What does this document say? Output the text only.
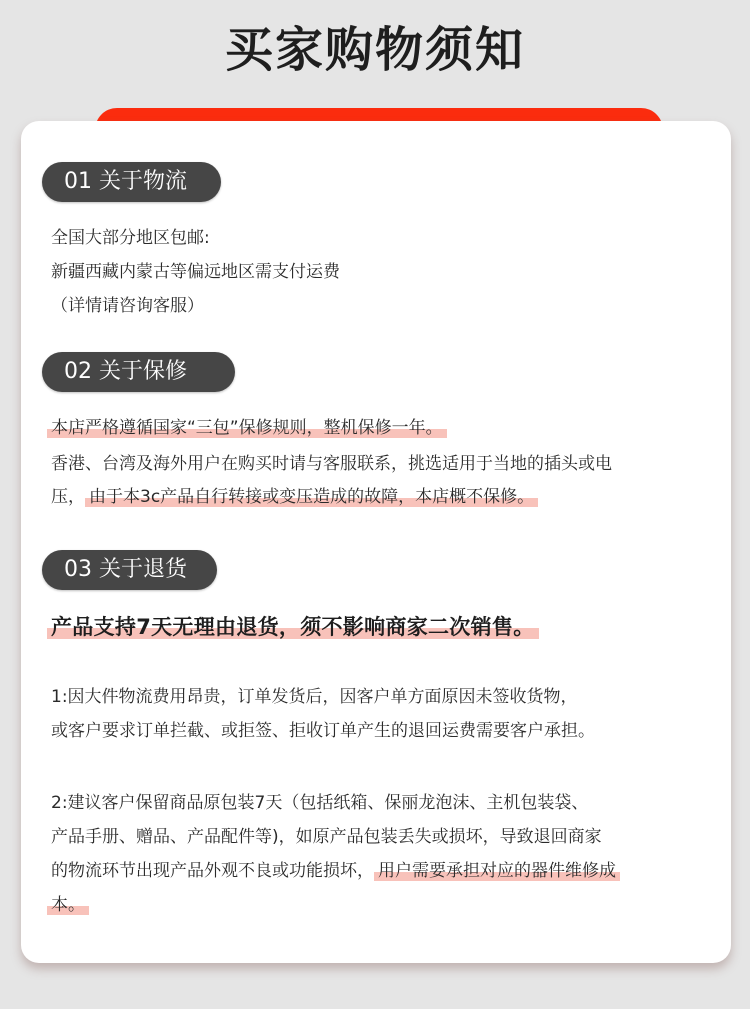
买家购物须知
01 关于物流
全国大部分地区包邮:
新疆西藏内蒙古等偏远地区需支付运费
（详情请咨询客服）
02 关于保修
本店严格遵循国家“三包”保修规则，整机保修一年。
香港、台湾及海外用户在购买时请与客服联系，挑选适用于当地的插头或电
压， 由于本3c产品自行转接或变压造成的故障，本店概不保修。
03 关于退货
产品支持7天无理由退货，须不影响商家二次销售。
1:因大件物流费用昂贵，订单发货后，因客户单方面原因未签收货物，
或客户要求订单拦截、或拒签、拒收订单产生的退回运费需要客户承担。
2:建议客户保留商品原包装7天（包括纸箱、保丽龙泡沫、主机包装袋、
产品手册、赠品、产品配件等)，如原产品包装丢失或损坏，导致退回商家
的物流环节出现产品外观不良或功能损坏， 用户需要承担对应的器件维修成
本。
